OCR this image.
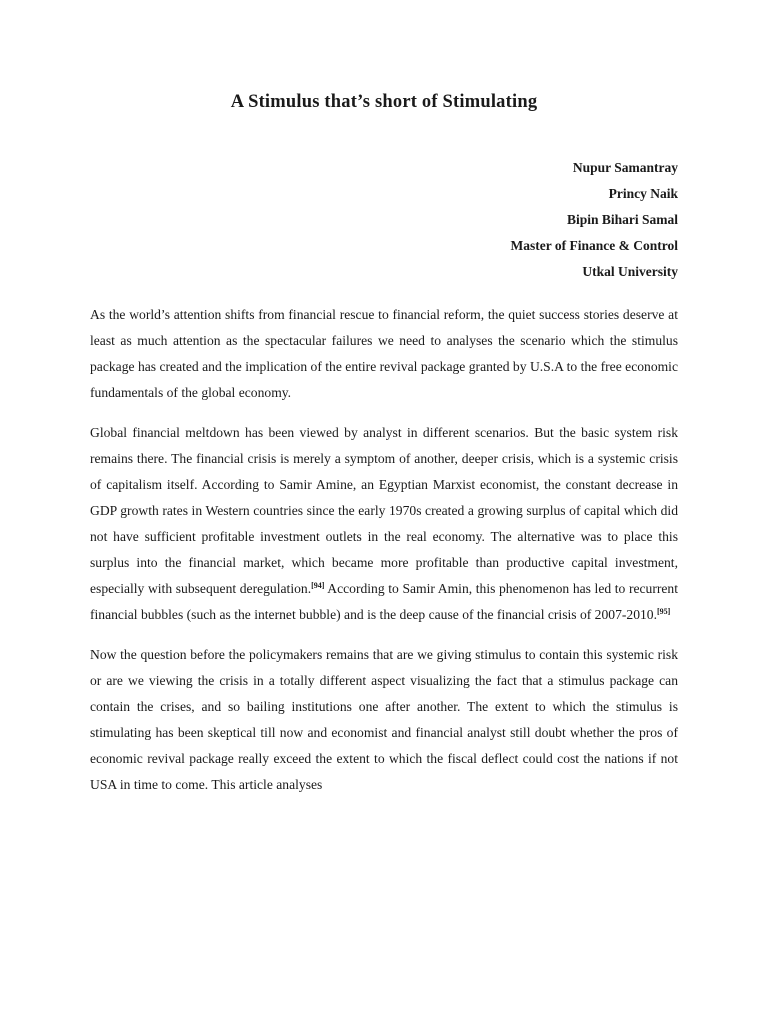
A Stimulus that’s short of Stimulating
Nupur Samantray
Princy Naik
Bipin Bihari Samal
Master of Finance & Control
Utkal University

As the world’s attention shifts from financial rescue to financial reform, the quiet success stories deserve at least as much attention as the spectacular failures we need to analyses the scenario which the stimulus package has created and the implication of the entire revival package granted by U.S.A to the free economic fundamentals of the global economy.

Global financial meltdown has been viewed by analyst in different scenarios. But the basic system risk remains there. The financial crisis is merely a symptom of another, deeper crisis, which is a systemic crisis of capitalism itself. According to Samir Amine, an Egyptian Marxist economist, the constant decrease in GDP growth rates in Western countries since the early 1970s created a growing surplus of capital which did not have sufficient profitable investment outlets in the real economy. The alternative was to place this surplus into the financial market, which became more profitable than productive capital investment, especially with subsequent deregulation.[94] According to Samir Amin, this phenomenon has led to recurrent financial bubbles (such as the internet bubble) and is the deep cause of the financial crisis of 2007-2010.[95]

Now the question before the policymakers remains that are we giving stimulus to contain this systemic risk or are we viewing the crisis in a totally different aspect visualizing the fact that a stimulus package can contain the crises, and so bailing institutions one after another. The extent to which the stimulus is stimulating has been skeptical till now and economist and financial analyst still doubt whether the pros of economic revival package really exceed the extent to which the fiscal deflect could cost the nations if not USA in time to come. This article analyses
